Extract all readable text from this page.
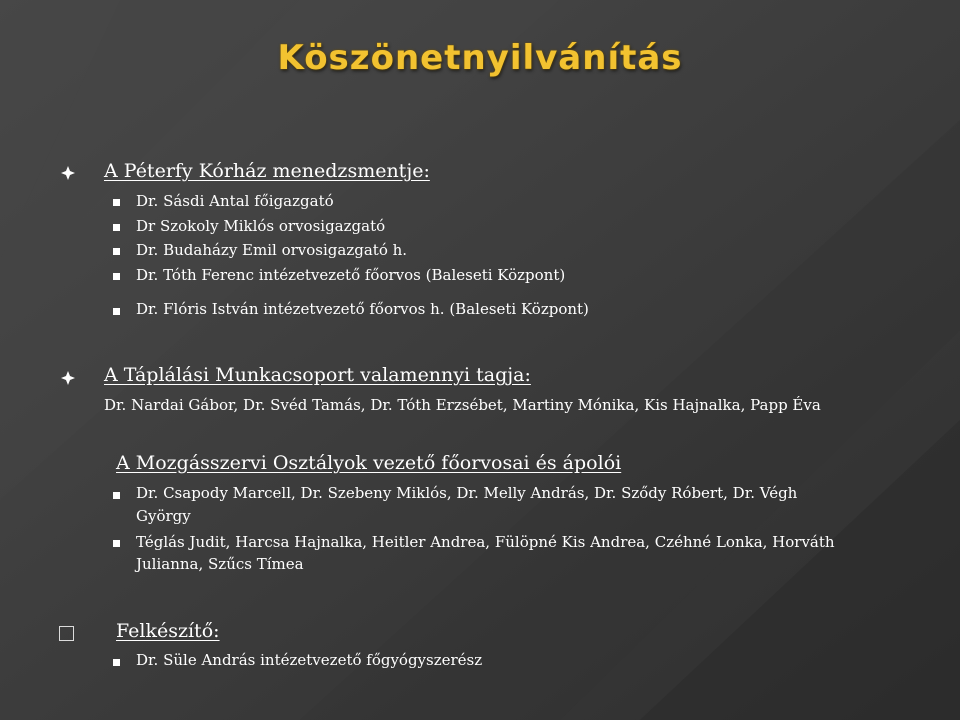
Köszönetnyilvánítás
A Péterfy Kórház menedzsmentje:
Dr. Sásdi Antal főigazgató
Dr Szokoly Miklós orvosigazgató
Dr. Budaházy Emil orvosigazgató h.
Dr. Tóth Ferenc intézetvezető főorvos (Baleseti Központ)
Dr. Flóris István intézetvezető főorvos h. (Baleseti Központ)
A Táplálási Munkacsoport valamennyi tagja:
Dr. Nardai Gábor, Dr. Svéd Tamás, Dr. Tóth Erzsébet, Martiny Mónika, Kis Hajnalka, Papp Éva
A Mozgásszervi Osztályok vezető főorvosai és ápolói
Dr. Csapody Marcell, Dr. Szebeny Miklós, Dr. Melly András, Dr. Sződy Róbert, Dr. Végh
György
Téglás Judit, Harcsa Hajnalka, Heitler Andrea, Fülöpné Kis Andrea, Czéhné Lonka, Horváth
Julianna, Szűcs Tímea
Felkészítő:
Dr. Süle András intézetvezető főgyógyszerész
